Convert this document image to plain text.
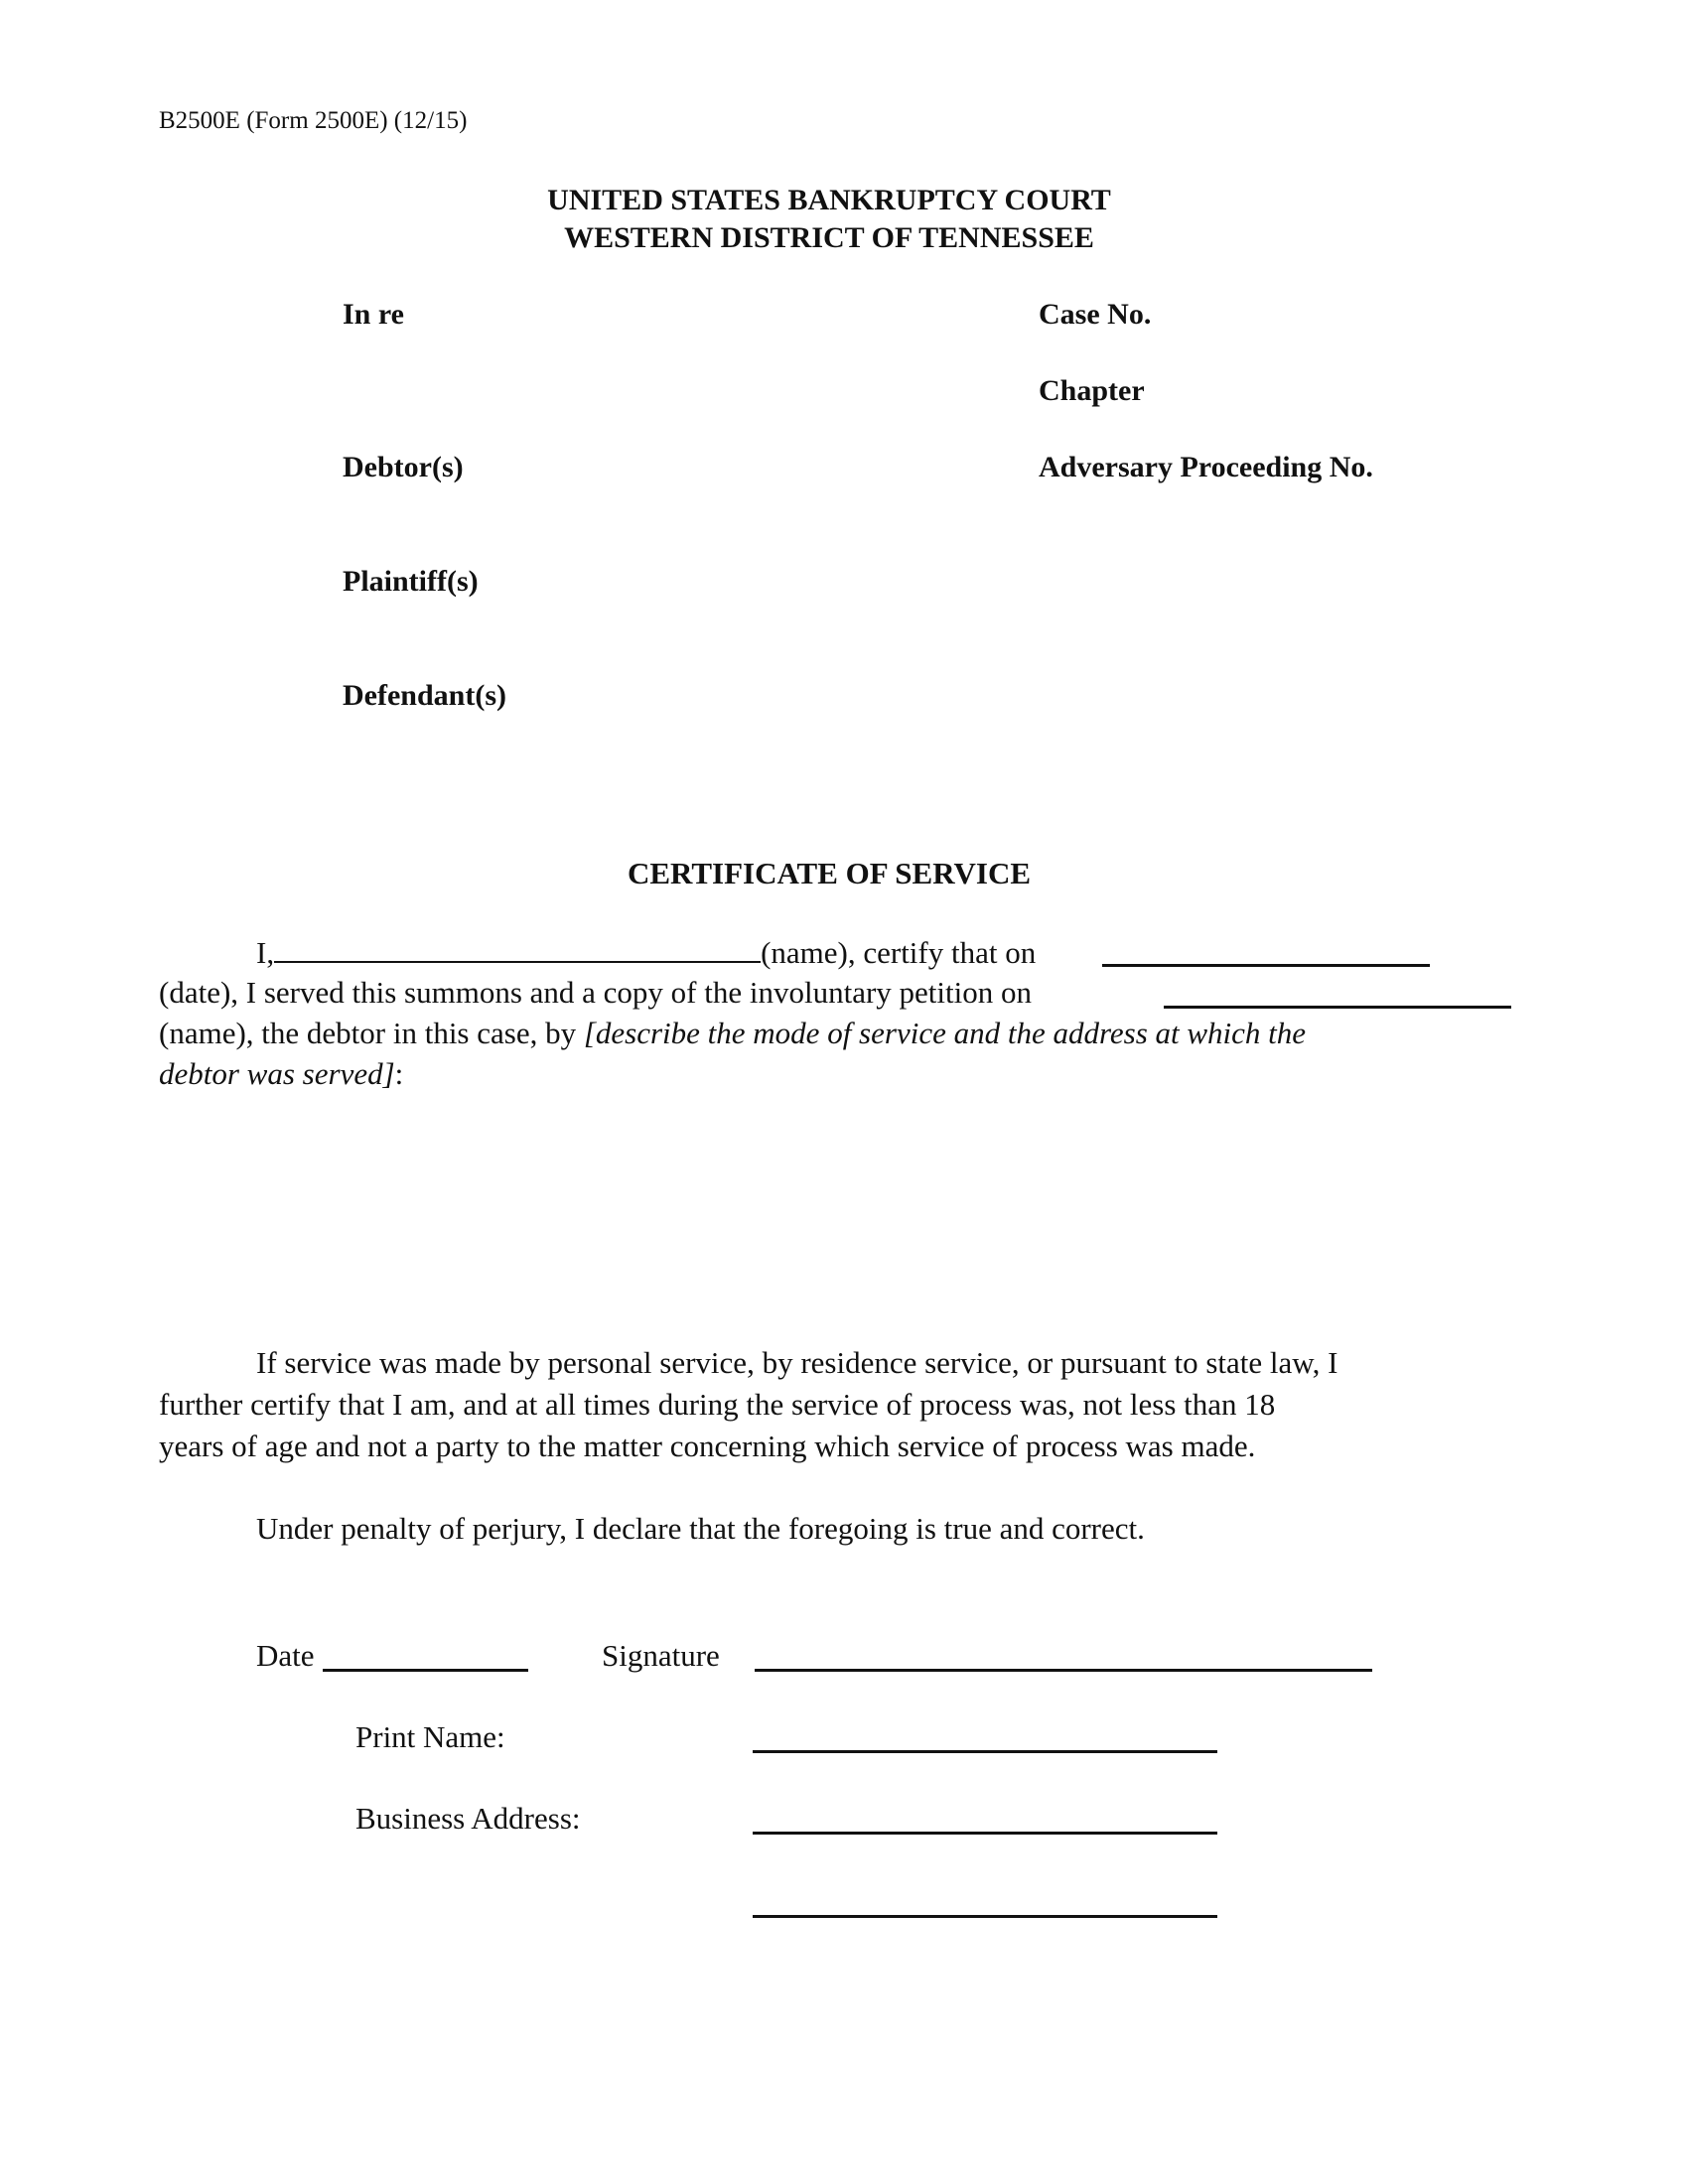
B2500E (Form 2500E) (12/15)
UNITED STATES BANKRUPTCY COURT
WESTERN DISTRICT OF TENNESSEE
In re	Case No.
Chapter
Debtor(s)	Adversary Proceeding No.
Plaintiff(s)
Defendant(s)
CERTIFICATE OF SERVICE
I,	(name), certify that on
(date), I served this summons and a copy of the involuntary petition on
(name), the debtor in this case, by [describe the mode of service and the address at which the
debtor was served]:
If service was made by personal service, by residence service, or pursuant to state law, I
further certify that I am, and at all times during the service of process was, not less than 18
years of age and not a party to the matter concerning which service of process was made.
Under penalty of perjury, I declare that the foregoing is true and correct.
Date	Signature
Print Name:
Business Address:
